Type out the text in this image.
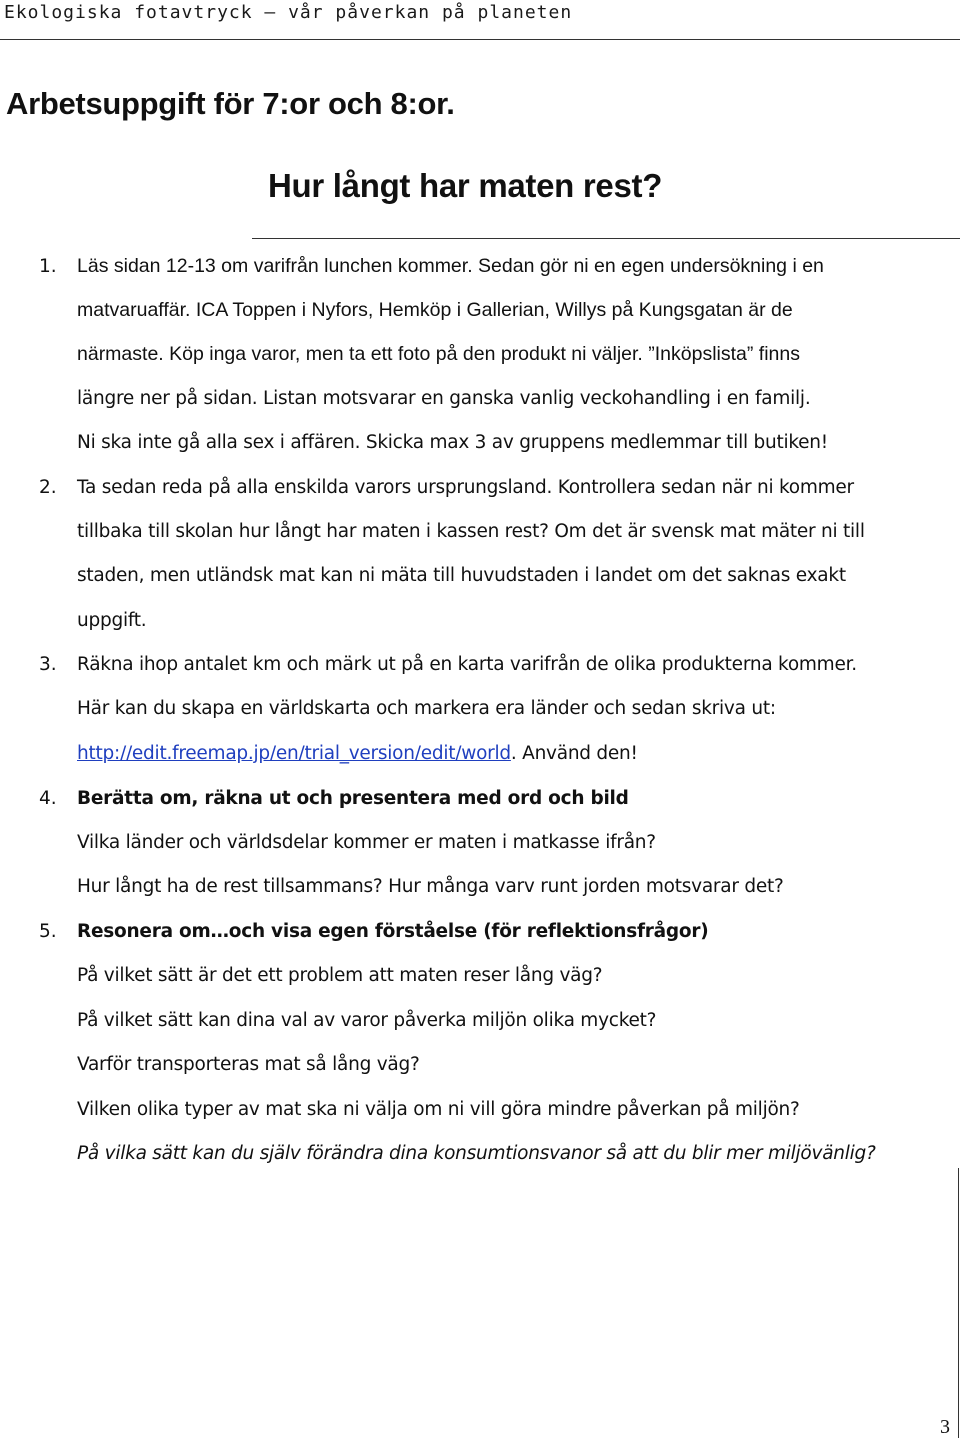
Ekologiska fotavtryck – vår påverkan på planeten
Arbetsuppgift för 7:or och 8:or.
Hur långt har maten rest?
1. Läs sidan 12-13 om varifrån lunchen kommer. Sedan gör ni en egen undersökning i en
matvaruaffär. ICA Toppen i Nyfors, Hemköp i Gallerian, Willys på Kungsgatan är de
närmaste. Köp inga varor, men ta ett foto på den produkt ni väljer. ”Inköpslista” finns
längre ner på sidan. Listan motsvarar en ganska vanlig veckohandling i en familj.
Ni ska inte gå alla sex i affären. Skicka max 3 av gruppens medlemmar till butiken!
2. Ta sedan reda på alla enskilda varors ursprungsland. Kontrollera sedan när ni kommer
tillbaka till skolan hur långt har maten i kassen rest? Om det är svensk mat mäter ni till
staden, men utländsk mat kan ni mäta till huvudstaden i landet om det saknas exakt
uppgift.
3. Räkna ihop antalet km och märk ut på en karta varifrån de olika produkterna kommer.
Här kan du skapa en världskarta och markera era länder och sedan skriva ut:
http://edit.freemap.jp/en/trial_version/edit/world. Använd den!
4. Berätta om, räkna ut och presentera med ord och bild
Vilka länder och världsdelar kommer er maten i matkasse ifrån?
Hur långt ha de rest tillsammans? Hur många varv runt jorden motsvarar det?
5. Resonera om…och visa egen förståelse (för reflektionsfrågor)
På vilket sätt är det ett problem att maten reser lång väg?
På vilket sätt kan dina val av varor påverka miljön olika mycket?
Varför transporteras mat så lång väg?
Vilken olika typer av mat ska ni välja om ni vill göra mindre påverkan på miljön?
På vilka sätt kan du själv förändra dina konsumtionsvanor så att du blir mer miljövänlig?
3
